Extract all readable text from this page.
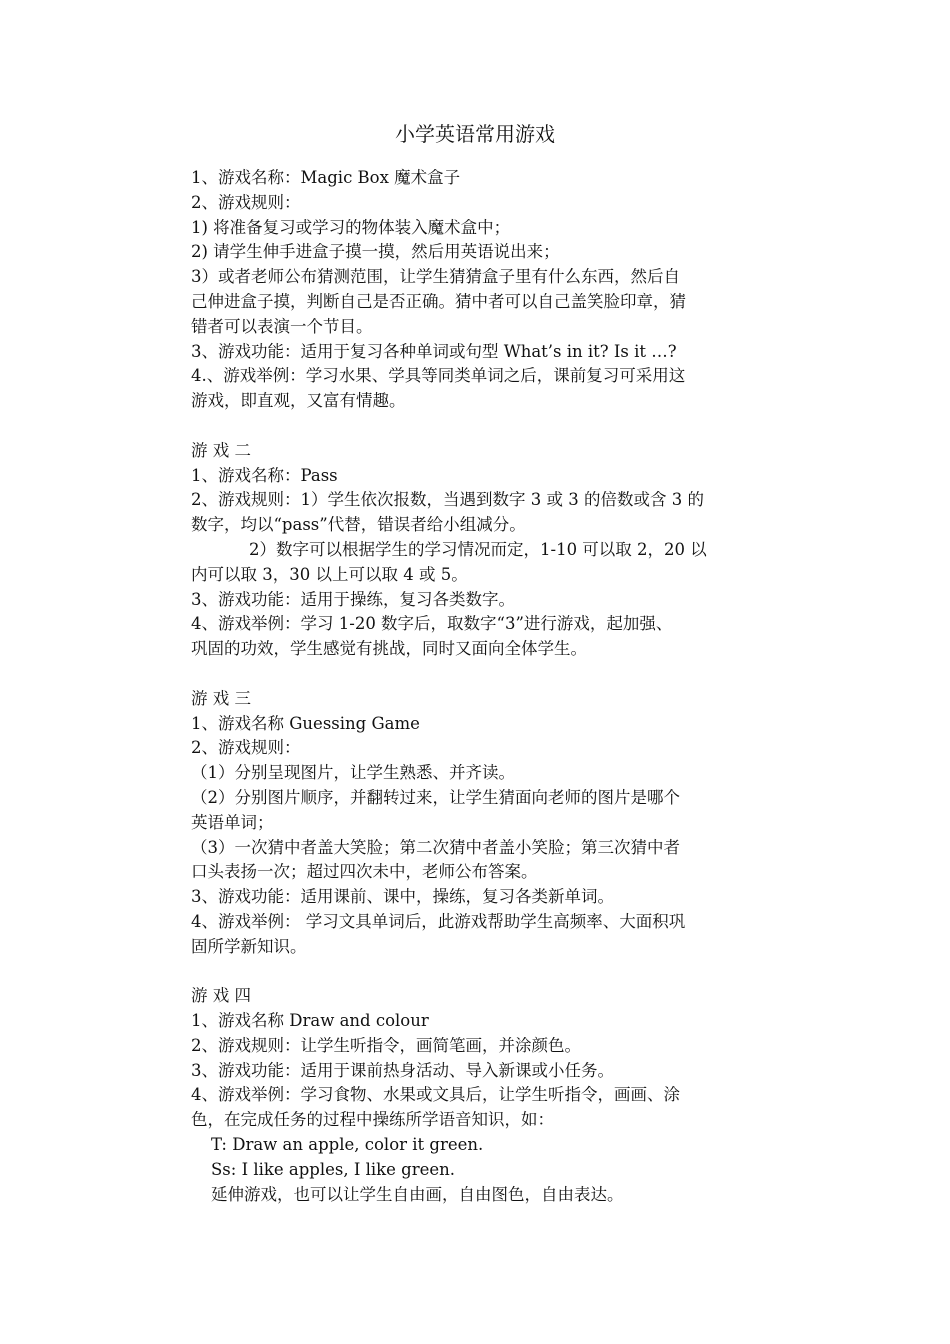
小学英语常用游戏
1、游戏名称：Magic Box 魔术盒子
2、游戏规则：
1) 将准备复习或学习的物体装入魔术盒中；
2) 请学生伸手进盒子摸一摸，然后用英语说出来；
3）或者老师公布猜测范围，让学生猜猜盒子里有什么东西，然后自
己伸进盒子摸，判断自己是否正确。猜中者可以自己盖笑脸印章，猜
错者可以表演一个节目。
3、游戏功能：适用于复习各种单词或句型 What’s in it? Is it …?
4.、游戏举例：学习水果、学具等同类单词之后，课前复习可采用这
游戏，即直观，又富有情趣。
游 戏 二
1、游戏名称：Pass
2、游戏规则：1）学生依次报数，当遇到数字 3 或 3 的倍数或含 3 的
数字，均以“pass”代替，错误者给小组减分。
2）数字可以根据学生的学习情况而定，1-10 可以取 2，20 以
内可以取 3，30 以上可以取 4 或 5。
3、游戏功能：适用于操练，复习各类数字。
4、游戏举例：学习 1-20 数字后，取数字“3”进行游戏，起加强、
巩固的功效，学生感觉有挑战，同时又面向全体学生。
游 戏 三
1、游戏名称 Guessing Game
2、游戏规则：
（1）分别呈现图片，让学生熟悉、并齐读。
（2）分别图片顺序，并翻转过来，让学生猜面向老师的图片是哪个
英语单词；
（3）一次猜中者盖大笑脸；第二次猜中者盖小笑脸；第三次猜中者
口头表扬一次；超过四次未中，老师公布答案。
3、游戏功能：适用课前、课中，操练，复习各类新单词。
4、游戏举例： 学习文具单词后，此游戏帮助学生高频率、大面积巩
固所学新知识。
游 戏 四
1、游戏名称 Draw and colour
2、游戏规则：让学生听指令，画简笔画，并涂颜色。
3、游戏功能：适用于课前热身活动、导入新课或小任务。
4、游戏举例：学习食物、水果或文具后，让学生听指令，画画、涂
色，在完成任务的过程中操练所学语音知识，如：
T: Draw an apple, color it green.
Ss: I like apples, I like green.
延伸游戏，也可以让学生自由画，自由图色，自由表达。
